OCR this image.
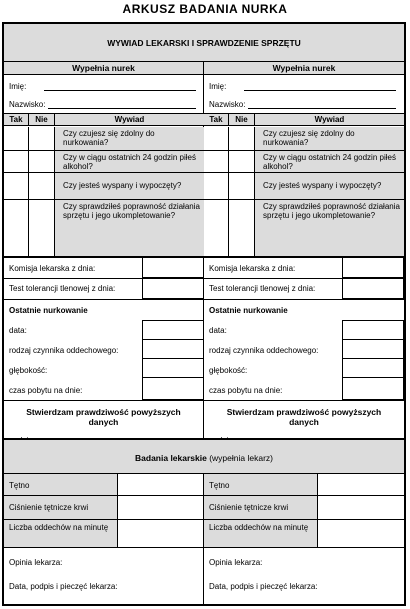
ARKUSZ BADANIA NURKA
WYWIAD LEKARSKI I SPRAWDZENIE SPRZĘTU
Wypełnia nurek
Imię:
Nazwisko:
Tak	Nie	Wywiad
Czy czujesz się zdolny do nurkowania?
Czy w ciągu ostatnich 24 godzin piłeś alkohol?
Czy jesteś wyspany i wypoczęty?
Czy sprawdziłeś poprawność działania sprzętu i jego ukompletowanie?
Komisja lekarska z dnia:
Test tolerancji tlenowej z dnia:
Ostatnie nurkowanie
data:
rodzaj czynnika oddechowego:
głębokość:
czas pobytu na dnie:
Stwierdzam prawdziwość powyższych danych
Wypełnia nurek
Imię:
Nazwisko:
Tak	Nie	Wywiad
Czy czujesz się zdolny do nurkowania?
Czy w ciągu ostatnich 24 godzin piłeś alkohol?
Czy jesteś wyspany i wypoczęty?
Czy sprawdziłeś poprawność działania sprzętu i jego ukompletowanie?
Komisja lekarska z dnia:
Test tolerancji tlenowej z dnia:
Ostatnie nurkowanie
data:
rodzaj czynnika oddechowego:
głębokość:
czas pobytu na dnie:
Stwierdzam prawdziwość powyższych danych
Badania lekarskie (wypełnia lekarz)
Tętno
Ciśnienie tętnicze krwi
Liczba oddechów na minutę
Opinia lekarza:
Data, podpis i pieczęć lekarza:
Tętno
Ciśnienie tętnicze krwi
Liczba oddechów na minutę
Opinia lekarza:
Data, podpis i pieczęć lekarza:
